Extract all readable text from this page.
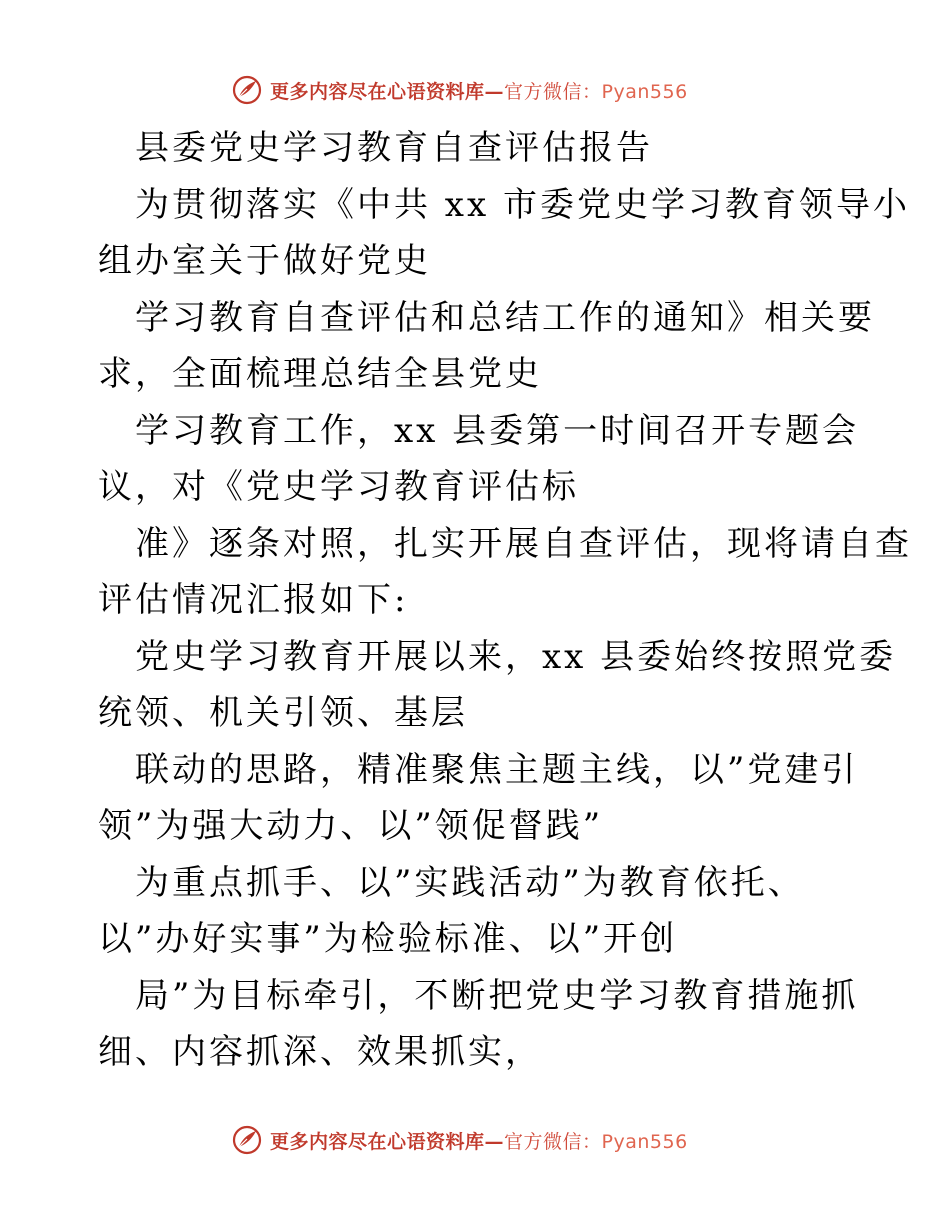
更多内容尽在心语资料库—官方微信：Pyan556
县委党史学习教育自查评估报告
为贯彻落实《中共 xx 市委党史学习教育领导小
组办室关于做好党史
学习教育自查评估和总结工作的通知》相关要
求，全面梳理总结全县党史
学习教育工作，xx 县委第一时间召开专题会
议，对《党史学习教育评估标
准》逐条对照，扎实开展自查评估，现将请自查
评估情况汇报如下:
党史学习教育开展以来，xx 县委始终按照党委
统领、机关引领、基层
联动的思路，精准聚焦主题主线，以”党建引
领”为强大动力、以”领促督践”
为重点抓手、以”实践活动”为教育依托、
以”办好实事”为检验标准、以”开创
局”为目标牵引，不断把党史学习教育措施抓
细、内容抓深、效果抓实，
更多内容尽在心语资料库—官方微信：Pyan556
